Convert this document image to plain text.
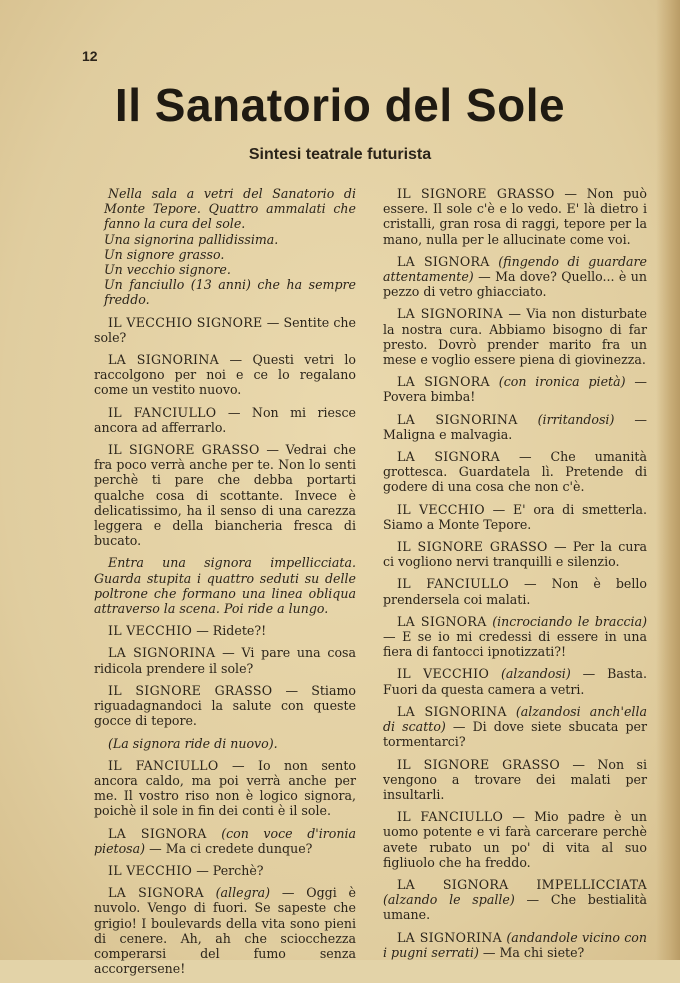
12
Il Sanatorio del Sole
Sintesi teatrale futurista

Nella sala a vetri del Sanatorio di Monte Tepore. Quattro ammalati che fanno la cura del sole.

Una signorina pallidissima.

Un signore grasso.

Un vecchio signore.

Un fanciullo (13 anni) che ha sempre freddo.

IL VECCHIO SIGNORE — Sentite che sole?

LA SIGNORINA — Questi vetri lo raccolgono per noi e ce lo regalano come un vestito nuovo.

IL FANCIULLO — Non mi riesce ancora ad afferrarlo.

IL SIGNORE GRASSO — Vedrai che fra poco verrà anche per te. Non lo senti perchè ti pare che debba portarti qualche cosa di scottante. Invece è delicatissimo, ha il senso di una carezza leggera e della biancheria fresca di bucato.

Entra una signora impellicciata. Guarda stupita i quattro seduti su delle poltrone che formano una linea obliqua attraverso la scena. Poi ride a lungo.

IL VECCHIO — Ridete?!

LA SIGNORINA — Vi pare una cosa ridicola prendere il sole?

IL SIGNORE GRASSO — Stiamo riguadagnandoci la salute con queste gocce di tepore.

(La signora ride di nuovo).

IL FANCIULLO — Io non sento ancora caldo, ma poi verrà anche per me. Il vostro riso non è logico signora, poichè il sole in fin dei conti è il sole.

LA SIGNORA (con voce d'ironia pietosa) — Ma ci credete dunque?

IL VECCHIO — Perchè?

LA SIGNORA (allegra) — Oggi è nuvolo. Vengo di fuori. Se sapeste che grigio! I boulevards della vita sono pieni di cenere. Ah, ah che sciocchezza comperarsi del fumo senza accorgersene!

IL SIGNORE GRASSO — Non può essere. Il sole c'è e lo vedo. E' là dietro i cristalli, gran rosa di raggi, tepore per la mano, nulla per le allucinate come voi.

LA SIGNORA (fingendo di guardare attentamente) — Ma dove? Quello... è un pezzo di vetro ghiacciato.

LA SIGNORINA — Via non disturbate la nostra cura. Abbiamo bisogno di far presto. Dovrò prender marito fra un mese e voglio essere piena di giovinezza.

LA SIGNORA (con ironica pietà) — Povera bimba!

LA SIGNORINA (irritandosi) — Maligna e malvagia.

LA SIGNORA — Che umanità grottesca. Guardatela lì. Pretende di godere di una cosa che non c'è.

IL VECCHIO — E' ora di smetterla. Siamo a Monte Tepore.

IL SIGNORE GRASSO — Per la cura ci vogliono nervi tranquilli e silenzio.

IL FANCIULLO — Non è bello prendersela coi malati.

LA SIGNORA (incrociando le braccia) — E se io mi credessi di essere in una fiera di fantocci ipnotizzati?!

IL VECCHIO (alzandosi) — Basta. Fuori da questa camera a vetri.

LA SIGNORINA (alzandosi anch'ella di scatto) — Di dove siete sbucata per tormentarci?

IL SIGNORE GRASSO — Non si vengono a trovare dei malati per insultarli.

IL FANCIULLO — Mio padre è un uomo potente e vi farà carcerare perchè avete rubato un po' di vita al suo figliuolo che ha freddo.

LA SIGNORA IMPELLICCIATA (alzando le spalle) — Che bestialità umane.

LA SIGNORINA (andandole vicino con i pugni serrati) — Ma chi siete?
